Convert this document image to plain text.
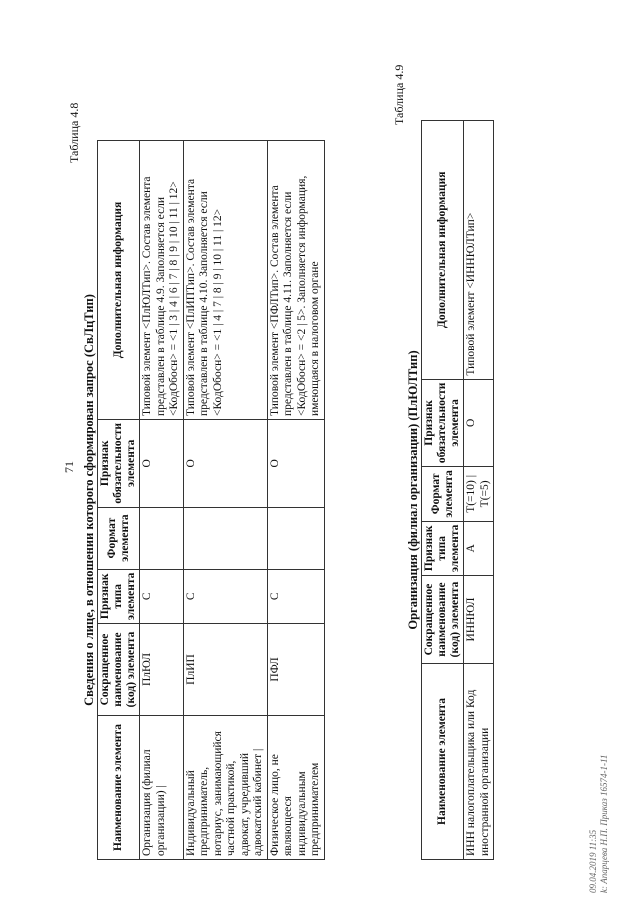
71
Таблица 4.8
Сведения о лице, в отношении которого сформирован запрос (СвЛцТип)
Наименование элемента	Сокращенное наименование (код) элемента	Признак типа элемента	Формат элемента	Признак обязательности элемента	Дополнительная информация
Организация (филиал организации) |	ПлЮЛ	С		О	Типовой элемент <ПлЮЛТип>. Состав элемента представлен в таблице 4.9. Заполняется если <КодОбосн> = <1 | 3 | 4 | 6 | 7 | 8 | 9 | 10 | 11 | 12>
Индивидуальный предприниматель, нотариус, занимающийся частной практикой, адвокат, учредивший адвокатский кабинет |	ПлИП	С		О	Типовой элемент <ПлИПТип>. Состав элемента представлен в таблице 4.10. Заполняется если <КодОбосн> = <1 | 4 | 7 | 8 | 9 | 10 | 11 | 12>
Физическое лицо, не являющееся индивидуальным предпринимателем	ПФЛ	С		О	Типовой элемент <ПФЛТип>. Состав элемента представлен в таблице 4.11. Заполняется если <КодОбосн> = <2 | 5>. Заполняется информация, имеющаяся в налоговом органе
Таблица 4.9
Организация (филиал организации) (ПлЮЛТип)
Наименование элемента	Сокращенное наименование (код) элемента	Признак типа элемента	Формат элемента	Признак обязательности элемента	Дополнительная информация
ИНН налогоплательщика или Код иностранной организации	ИННЮЛ	А	Т(=10) | Т(=5)	О	Типовой элемент <ИННЮЛТип>
09.04.2019 11:35 k: Апарцева Н.П. Приказ 16574-1-11
